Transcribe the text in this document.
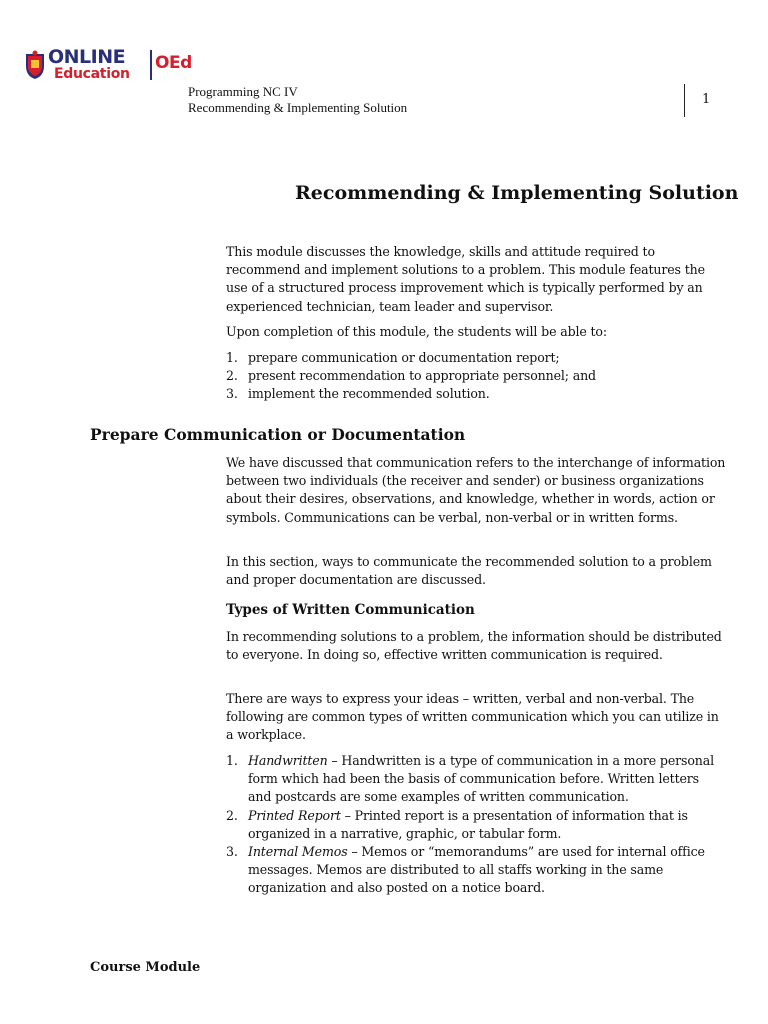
ONLINE
Education
OEd
Programming NC IV
Recommending & Implementing Solution
1
Recommending & Implementing Solution

This module discusses the knowledge, skills and attitude required to recommend and implement solutions to a problem. This module features the use of a structured process improvement which is typically performed by an experienced technician, team leader and supervisor.

Upon completion of this module, the students will be able to:

1. prepare communication or documentation report;
2. present recommendation to appropriate personnel; and
3. implement the recommended solution.
Prepare Communication or Documentation

We have discussed that communication refers to the interchange of information between two individuals (the receiver and sender) or business organizations about their desires, observations, and knowledge, whether in words, action or symbols. Communications can be verbal, non-verbal or in written forms.

In this section, ways to communicate the recommended solution to a problem and proper documentation are discussed.

Types of Written Communication

In recommending solutions to a problem, the information should be distributed to everyone. In doing so, effective written communication is required.

There are ways to express your ideas – written, verbal and non-verbal. The following are common types of written communication which you can utilize in a workplace.

1. Handwritten – Handwritten is a type of communication in a more personal form which had been the basis of communication before. Written letters and postcards are some examples of written communication.
2. Printed Report – Printed report is a presentation of information that is organized in a narrative, graphic, or tabular form.
3. Internal Memos – Memos or “memorandums” are used for internal office messages. Memos are distributed to all staffs working in the same organization and also posted on a notice board.
Course Module
